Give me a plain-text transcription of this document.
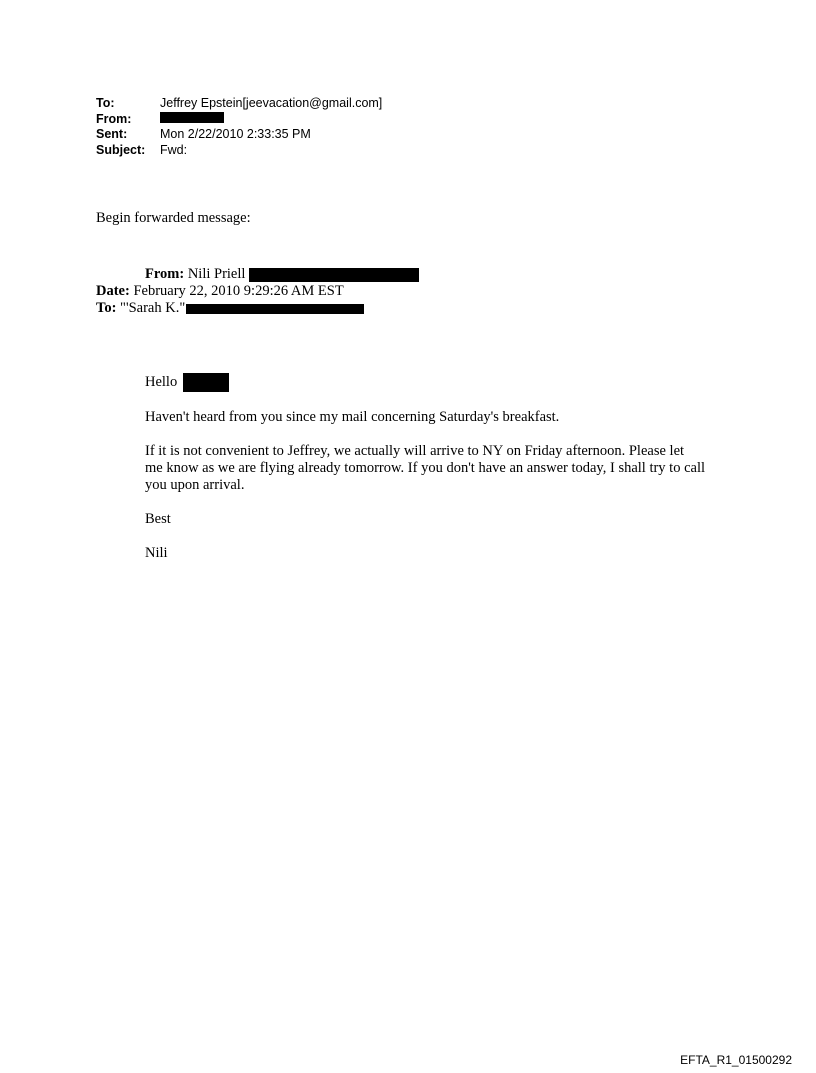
To:	Jeffrey Epstein[jeevacation@gmail.com]
From:
Sent:	Mon 2/22/2010 2:33:35 PM
Subject:	Fwd:
Begin forwarded message:
From: Nili Priell
Date: February 22, 2010 9:29:26 AM EST
To: "'Sarah K."

Hello

Haven't heard from you since my mail concerning Saturday's breakfast.

If it is not convenient to Jeffrey, we actually will arrive to NY on Friday afternoon. Please let me know as we are flying already tomorrow. If you don't have an answer today, I shall try to call you upon arrival.

Best

Nili

EFTA_R1_01500292
